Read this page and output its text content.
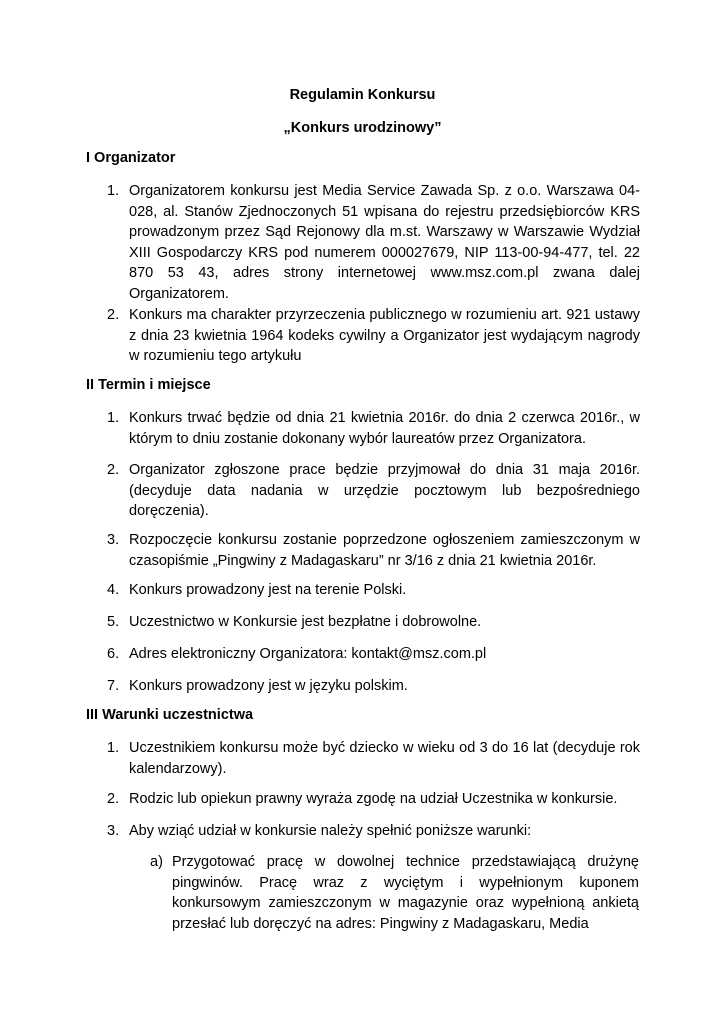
Regulamin Konkursu
„Konkurs urodzinowy”
I Organizator
1. Organizatorem konkursu jest Media Service Zawada Sp. z o.o. Warszawa 04-028, al. Stanów Zjednoczonych 51 wpisana do rejestru przedsiębiorców KRS prowadzonym przez Sąd Rejonowy dla m.st. Warszawy w Warszawie Wydział XIII Gospodarczy KRS pod numerem 000027679, NIP 113-00-94-477, tel. 22 870 53 43, adres strony internetowej www.msz.com.pl zwana dalej Organizatorem.
2. Konkurs ma charakter przyrzeczenia publicznego w rozumieniu art. 921 ustawy z dnia 23 kwietnia 1964 kodeks cywilny a Organizator jest wydającym nagrody w rozumieniu tego artykułu
II Termin i miejsce
1. Konkurs trwać będzie od dnia 21 kwietnia 2016r. do dnia 2 czerwca 2016r., w którym to dniu zostanie dokonany wybór laureatów przez Organizatora.
2. Organizator zgłoszone prace będzie przyjmował do dnia 31 maja 2016r. (decyduje data nadania w urzędzie pocztowym lub bezpośredniego doręczenia).
3. Rozpoczęcie konkursu zostanie poprzedzone ogłoszeniem zamieszczonym w czasopiśmie „Pingwiny z Madagaskaru” nr 3/16 z dnia 21 kwietnia 2016r.
4. Konkurs prowadzony jest na terenie Polski.
5. Uczestnictwo w Konkursie jest bezpłatne i dobrowolne.
6. Adres elektroniczny Organizatora: kontakt@msz.com.pl
7. Konkurs prowadzony jest w języku polskim.
III Warunki uczestnictwa
1. Uczestnikiem konkursu może być dziecko w wieku od 3 do 16 lat (decyduje rok kalendarzowy).
2. Rodzic lub opiekun prawny wyraża zgodę na udział Uczestnika w konkursie.
3. Aby wziąć udział w konkursie należy spełnić poniższe warunki:
a) Przygotować pracę w dowolnej technice przedstawiającą drużynę pingwinów. Pracę wraz z wyciętym i wypełnionym kuponem konkursowym zamieszczonym w magazynie oraz wypełnioną ankietą przesłać lub doręczyć na adres: Pingwiny z Madagaskaru, Media
